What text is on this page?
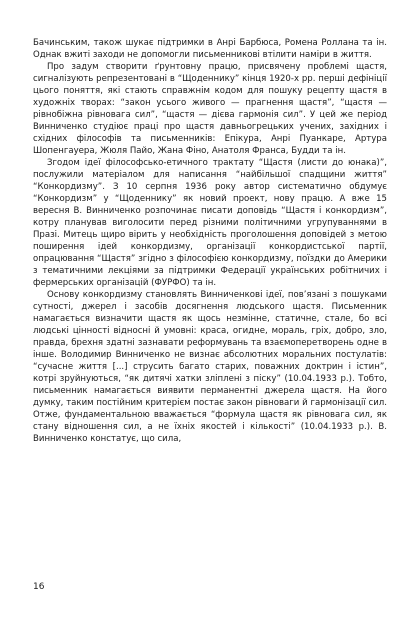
Бачинським, також шукає підтримки в Анрі Барбюса, Ромена Роллана та ін. Однак вжиті заходи не допомогли письменникові втілити наміри в життя.

Про задум створити ґрунтовну працю, присвячену проблемі щастя, сигналізують репрезентовані в “Щоденнику” кінця 1920-х рр. перші дефініції цього поняття, які стають справжнім кодом для пошуку рецепту щастя в художніх творах: “закон усього живого — прагнення щастя”, “щастя — рівнобіжна рівновага сил”, “щастя — дієва гармонія сил”. У цей же період Винниченко студіює праці про щастя давньогрецьких учених, західних і східних філософів та письменників: Епікура, Анрі Пуанкаре, Артура Шопенгауера, Жюля Пайо, Жана Фіно, Анатоля Франса, Будди та ін.

Згодом ідеї філософсько-етичного трактату “Щастя (листи до юнака)”, послужили матеріалом для написання “найбільшої спадщини життя” “Конкордизму”. З 10 серпня 1936 року автор систематично обдумує “Конкордизм” у “Щоденнику” як новий проект, нову працю. А вже 15 вересня В. Винниченко розпочинає писати доповідь “Щастя і конкордизм”, котру планував виголосити перед різними політичними угрупуваннями в Празі. Митець щиро вірить у необхідність проголошення доповідей з метою поширення ідей конкордизму, організації конкордистської партії, опрацювання “Щастя” згідно з філософією конкордизму, поїздки до Америки з тематичними лекціями за підтримки Федерації українських робітничих і фермерських організацій (ФУРФО) та ін.

Основу конкордизму становлять Винниченкові ідеї, пов’язані з пошуками сутності, джерел і засобів досягнення людського щастя. Письменник намагається визначити щастя як щось незмінне, статичне, стале, бо всі людські цінності відносні й умовні: краса, огидне, мораль, гріх, добро, зло, правда, брехня здатні зазнавати реформувань та взаємоперетворень одне в інше. Володимир Винниченко не визнає абсолютних моральних постулатів: “сучасне життя [...] струсить багато старих, поважних доктрин і істин”, котрі зруйнуються, “як дитячі хатки зліплені з піску” (10.04.1933 р.). Тобто, письменник намагається виявити перманентні джерела щастя. На його думку, таким постійним критерієм постає закон рівноваги й гармонізації сил. Отже, фундаментальною вважається “формула щастя як рівновага сил, як стану відношення сил, а не їхніх якостей і кількості” (10.04.1933 р.). В. Винниченко констатує, що сила,

16
